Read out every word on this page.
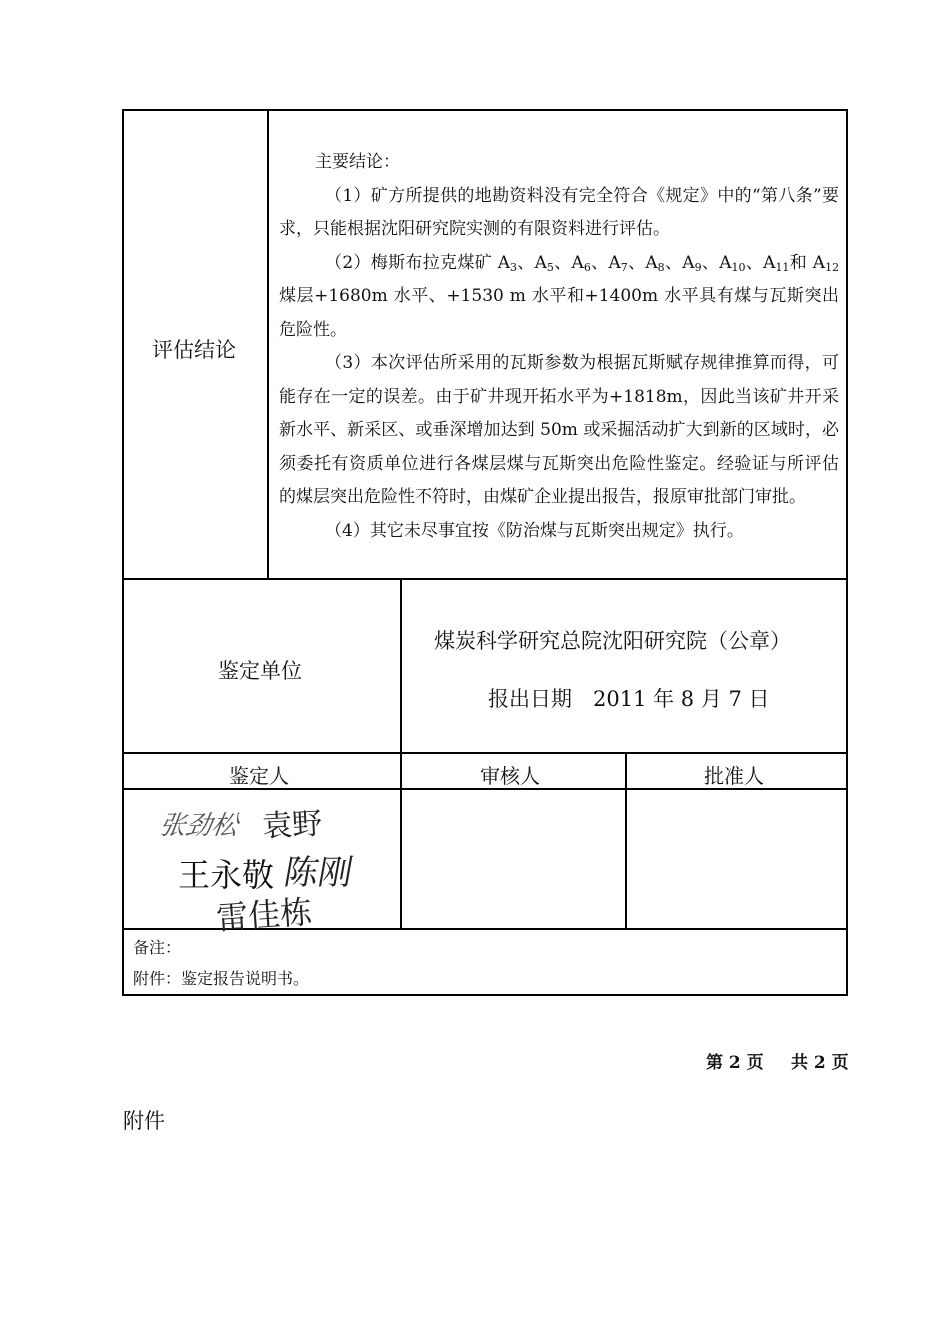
评估结论

主要结论：

（1）矿方所提供的地勘资料没有完全符合《规定》中的“第八条”要求，只能根据沈阳研究院实测的有限资料进行评估。

（2）梅斯布拉克煤矿 $A_3$、$A_5$、$A_6$、$A_7$、$A_8$、$A_9$、$A_{10}$、$A_{11}$和 $A_{12}$煤层+1680m 水平、+1530 m 水平和+1400m 水平具有煤与瓦斯突出危险性。

（3）本次评估所采用的瓦斯参数为根据瓦斯赋存规律推算而得，可能存在一定的误差。由于矿井现开拓水平为+1818m，因此当该矿井开采新水平、新采区、或垂深增加达到 50m 或采掘活动扩大到新的区域时，必须委托有资质单位进行各煤层煤与瓦斯突出危险性鉴定。经验证与所评估的煤层突出危险性不符时，由煤矿企业提出报告，报原审批部门审批。

（4）其它未尽事宜按《防治煤与瓦斯突出规定》执行。

鉴定单位
煤炭科学研究总院沈阳研究院（公章）
报出日期　2011 年 8 月 7 日
鉴定人	审核人	批准人
张劲松 袁野
王永敬 陈刚
雷佳栋
备注：
附件：鉴定报告说明书。
第 2 页 共 2 页
附件
